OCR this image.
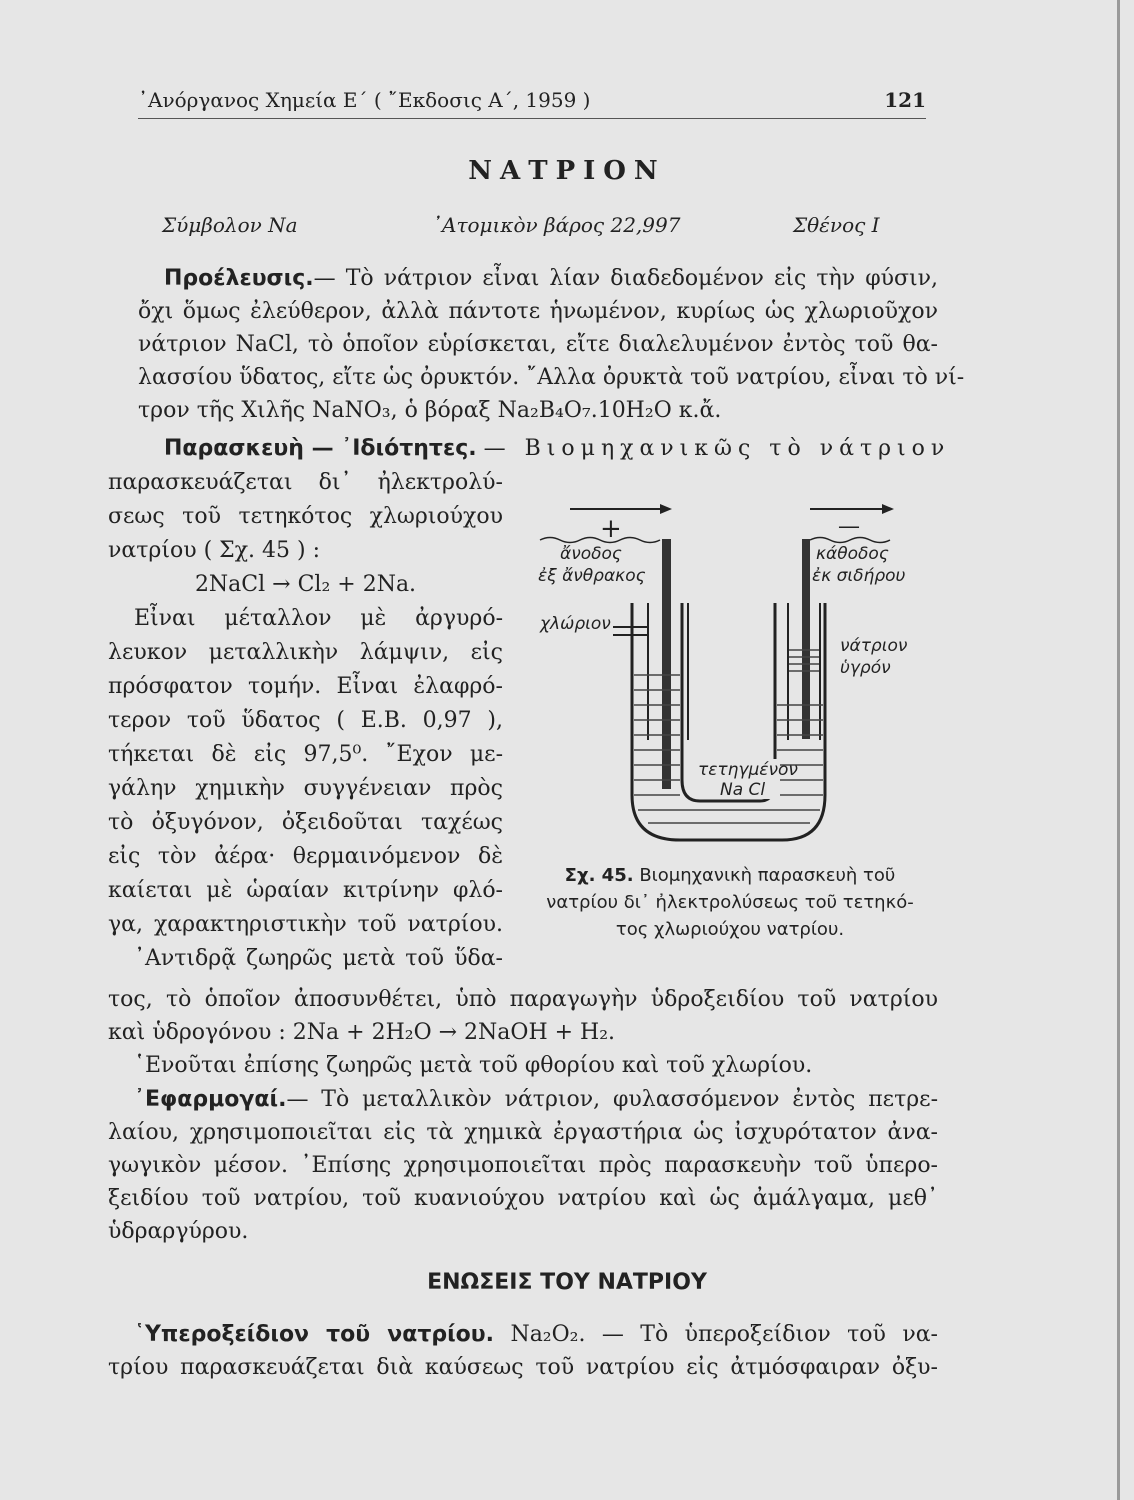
᾿Ανόργανος Χημεία Ε΄ ( ῎Εκδοσις Α΄, 1959 )	121
ΝΑΤΡΙΟΝ
Σύμβολον Na	᾿Ατομικὸν βάρος 22,997	Σθένος I
Προέλευσις.— Τὸ νάτριον εἶναι λίαν διαδεδομένον εἰς τὴν φύσιν,
ὄχι ὅμως ἐλεύθερον, ἀλλὰ πάντοτε ἡνωμένον, κυρίως ὡς χλωριοῦχον
νάτριον NaCl, τὸ ὁποῖον εὑρίσκεται, εἴτε διαλελυμένον ἐντὸς τοῦ θα-
λασσίου ὕδατος, εἴτε ὡς ὀρυκτόν. ῎Αλλα ὀρυκτὰ τοῦ νατρίου, εἶναι τὸ νί-
τρον τῆς Χιλῆς NaNO₃, ὁ βόραξ Na₂B₄O₇.10H₂O κ.ἄ.
Παρασκευὴ — ᾿Ιδιότητες. — Βιομηχανικῶς τὸ νάτριον
παρασκευάζεται δι᾿ ἠλεκτρολύ-
σεως τοῦ τετηκότος χλωριούχου
νατρίου ( Σχ. 45 ) :
2NaCl → Cl₂ + 2Na.
Εἶναι μέταλλον μὲ ἀργυρό-
λευκον μεταλλικὴν λάμψιν, εἰς
πρόσφατον τομήν. Εἶναι ἐλαφρό-
τερον τοῦ ὕδατος ( Ε.Β. 0,97 ),
τήκεται δὲ εἰς 97,5⁰. ῎Εχον με-
γάλην χημικὴν συγγένειαν πρὸς
τὸ ὀξυγόνον, ὀξειδοῦται ταχέως
εἰς τὸν ἀέρα· θερμαινόμενον δὲ
καίεται μὲ ὡραίαν κιτρίνην φλό-
γα, χαρακτηριστικὴν τοῦ νατρίου.
᾿Αντιδρᾷ ζωηρῶς μετὰ τοῦ ὕδα-
+	—
ἄνοδος
ἐξ ἄνθρακος
κάθοδος
ἐκ σιδήρου
χλώριον
νάτριον
ὑγρόν
τετηγμένον
Na Cl
Σχ. 45. Βιομηχανικὴ παρασκευὴ τοῦ
νατρίου δι᾿ ἠλεκτρολύσεως τοῦ τετηκό-
τος χλωριούχου νατρίου.
τος, τὸ ὁποῖον ἀποσυνθέτει, ὑπὸ παραγωγὴν ὑδροξειδίου τοῦ νατρίου
καὶ ὑδρογόνου : 2Na + 2H₂O → 2NaOH + H₂.
῾Ενοῦται ἐπίσης ζωηρῶς μετὰ τοῦ φθορίου καὶ τοῦ χλωρίου.
᾿Εφαρμογαί.— Τὸ μεταλλικὸν νάτριον, φυλασσόμενον ἐντὸς πετρε-
λαίου, χρησιμοποιεῖται εἰς τὰ χημικὰ ἐργαστήρια ὡς ἰσχυρότατον ἀνα-
γωγικὸν μέσον. ᾿Επίσης χρησιμοποιεῖται πρὸς παρασκευὴν τοῦ ὑπερο-
ξειδίου τοῦ νατρίου, τοῦ κυανιούχου νατρίου καὶ ὡς ἀμάλγαμα, μεθ᾿
ὑδραργύρου.
ΕΝΩΣΕΙΣ ΤΟΥ ΝΑΤΡΙΟΥ
῾Υπεροξείδιον τοῦ νατρίου. Na₂O₂. — Τὸ ὑπεροξείδιον τοῦ να-
τρίου παρασκευάζεται διὰ καύσεως τοῦ νατρίου εἰς ἀτμόσφαιραν ὀξυ-
